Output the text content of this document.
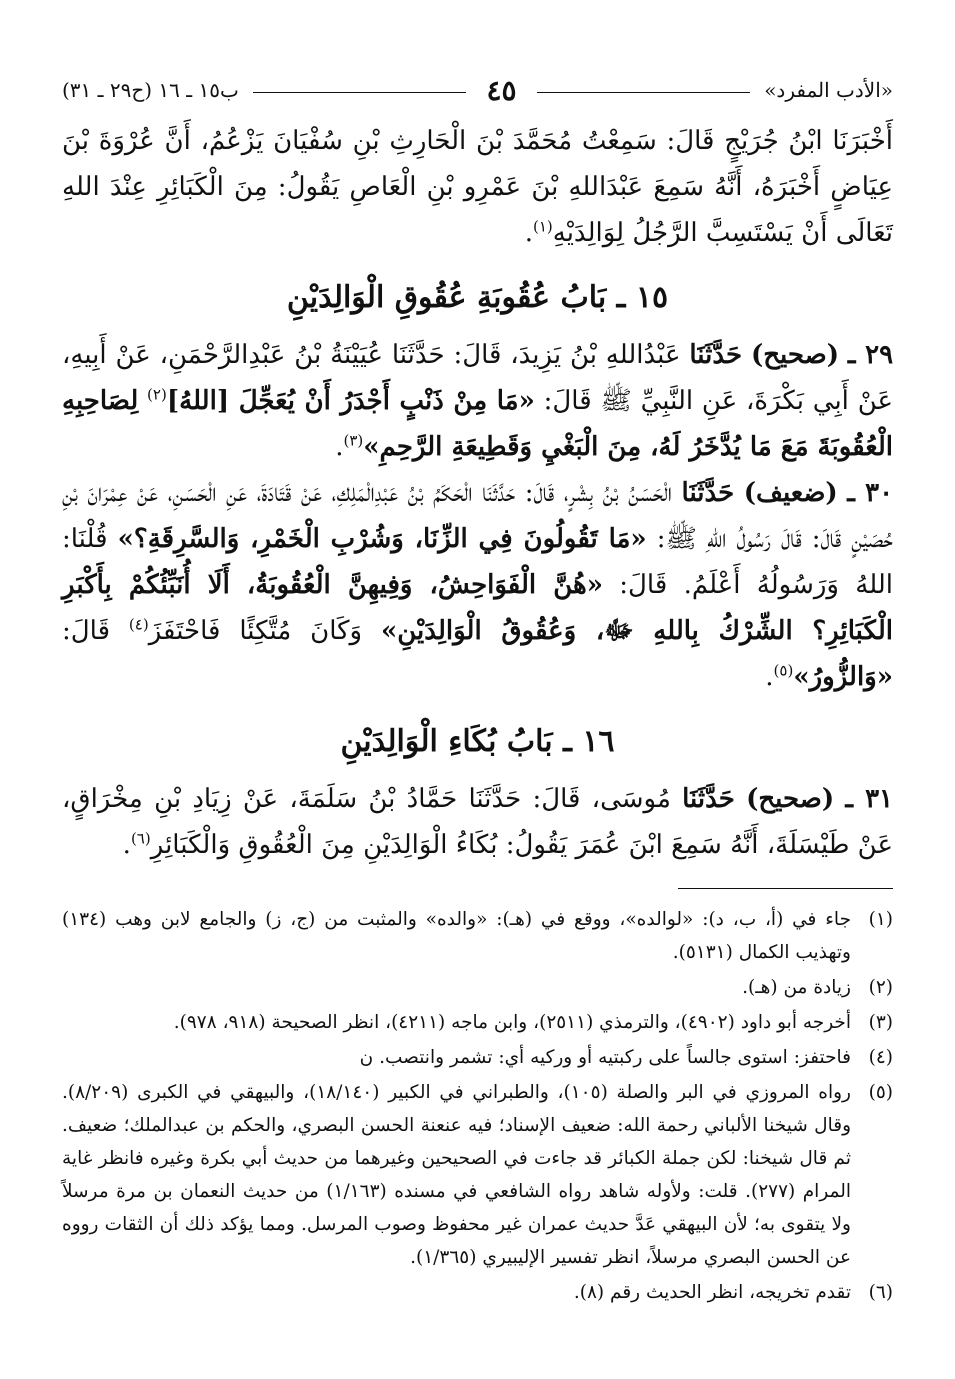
«الأدب المفرد»
٤٥
ب١٥ ـ ١٦ (ح٢٩ ـ ٣١)

أَخْبَرَنَا ابْنُ جُرَيْجٍ قَالَ: سَمِعْتُ مُحَمَّدَ بْنَ الْحَارِثِ بْنِ سُفْيَانَ يَزْعُمُ، أَنَّ عُرْوَةَ بْنَ عِيَاضٍ أَخْبَرَهُ، أَنَّهُ سَمِعَ عَبْدَاللهِ بْنَ عَمْرِو بْنِ الْعَاصِ يَقُولُ: مِنَ الْكَبَائِرِ عِنْدَ اللهِ تَعَالَى أَنْ يَسْتَسِبَّ الرَّجُلُ لِوَالِدَيْهِ$^{(١)}$.

١٥ ـ بَابُ عُقُوبَةِ عُقُوقِ الْوَالِدَيْنِ

٢٩ ـ (صحيح) حَدَّثَنَا عَبْدُاللهِ بْنُ يَزِيدَ، قَالَ: حَدَّثَنَا عُيَيْنَةُ بْنُ عَبْدِالرَّحْمَنِ، عَنْ أَبِيهِ، عَنْ أَبِي بَكْرَةَ، عَنِ النَّبِيِّ ﷺ قَالَ: «مَا مِنْ ذَنْبٍ أَجْدَرُ أَنْ يُعَجِّلَ [اللهُ]$^{(٢)}$ لِصَاحِبِهِ الْعُقُوبَةَ مَعَ مَا يُدَّخَرُ لَهُ، مِنَ الْبَغْيِ وَقَطِيعَةِ الرَّحِمِ»$^{(٣)}$.

٣٠ ـ (ضعيف) حَدَّثَنَا الْحَسَنُ بْنُ بِشْرٍ، قَالَ: حَدَّثَنَا الْحَكَمُ بْنُ عَبْدِالْمَلِكِ، عَنْ قَتَادَةَ، عَنِ الْحَسَنِ، عَنْ عِمْرَانَ بْنِ حُصَيْنٍ قَالَ: قَالَ رَسُولُ اللهِ ﷺ: «مَا تَقُولُونَ فِي الزِّنَا، وَشُرْبِ الْخَمْرِ، وَالسَّرِقَةِ؟» قُلْنَا: اللهُ وَرَسُولُهُ أَعْلَمُ. قَالَ: «هُنَّ الْفَوَاحِشُ، وَفِيهِنَّ الْعُقُوبَةُ، أَلَا أُنَبِّئُكُمْ بِأَكْبَرِ الْكَبَائِرِ؟ الشِّرْكُ بِاللهِ ﷻ، وَعُقُوقُ الْوَالِدَيْنِ» وَكَانَ مُتَّكِئًا فَاحْتَفَزَ$^{(٤)}$ قَالَ: «وَالزُّورُ»$^{(٥)}$.

١٦ ـ بَابُ بُكَاءِ الْوَالِدَيْنِ

٣١ ـ (صحيح) حَدَّثَنَا مُوسَى، قَالَ: حَدَّثَنَا حَمَّادُ بْنُ سَلَمَةَ، عَنْ زِيَادِ بْنِ مِخْرَاقٍ، عَنْ طَيْسَلَةَ، أَنَّهُ سَمِعَ ابْنَ عُمَرَ يَقُولُ: بُكَاءُ الْوَالِدَيْنِ مِنَ الْعُقُوقِ وَالْكَبَائِرِ$^{(٦)}$.

(١)
جاء في (أ، ب، د): «لوالده»، ووقع في (هـ): «والده» والمثبت من (ج، ز) والجامع لابن وهب (١٣٤) وتهذيب الكمال (٥١٣١).
(٢)
زيادة من (هـ).
(٣)
أخرجه أبو داود (٤٩٠٢)، والترمذي (٢٥١١)، وابن ماجه (٤٢١١)، انظر الصحيحة (٩١٨، ٩٧٨).
(٤)
فاحتفز: استوى جالساً على ركبتيه أو وركيه أي: تشمر وانتصب. ن
(٥)
رواه المروزي في البر والصلة (١٠٥)، والطبراني في الكبير (١٨/١٤٠)، والبيهقي في الكبرى (٨/٢٠٩). وقال شيخنا الألباني رحمة الله: ضعيف الإسناد؛ فيه عنعنة الحسن البصري، والحكم بن عبدالملك؛ ضعيف. ثم قال شيخنا: لكن جملة الكبائر قد جاءت في الصحيحين وغيرهما من حديث أبي بكرة وغيره فانظر غاية المرام (٢٧٧). قلت: ولأوله شاهد رواه الشافعي في مسنده (١/١٦٣) من حديث النعمان بن مرة مرسلاً ولا يتقوى به؛ لأن البيهقي عَدَّ حديث عمران غير محفوظ وصوب المرسل. ومما يؤكد ذلك أن الثقات رووه عن الحسن البصري مرسلاً، انظر تفسير الإليبيري (١/٣٦٥).
(٦)
تقدم تخريجه، انظر الحديث رقم (٨).
